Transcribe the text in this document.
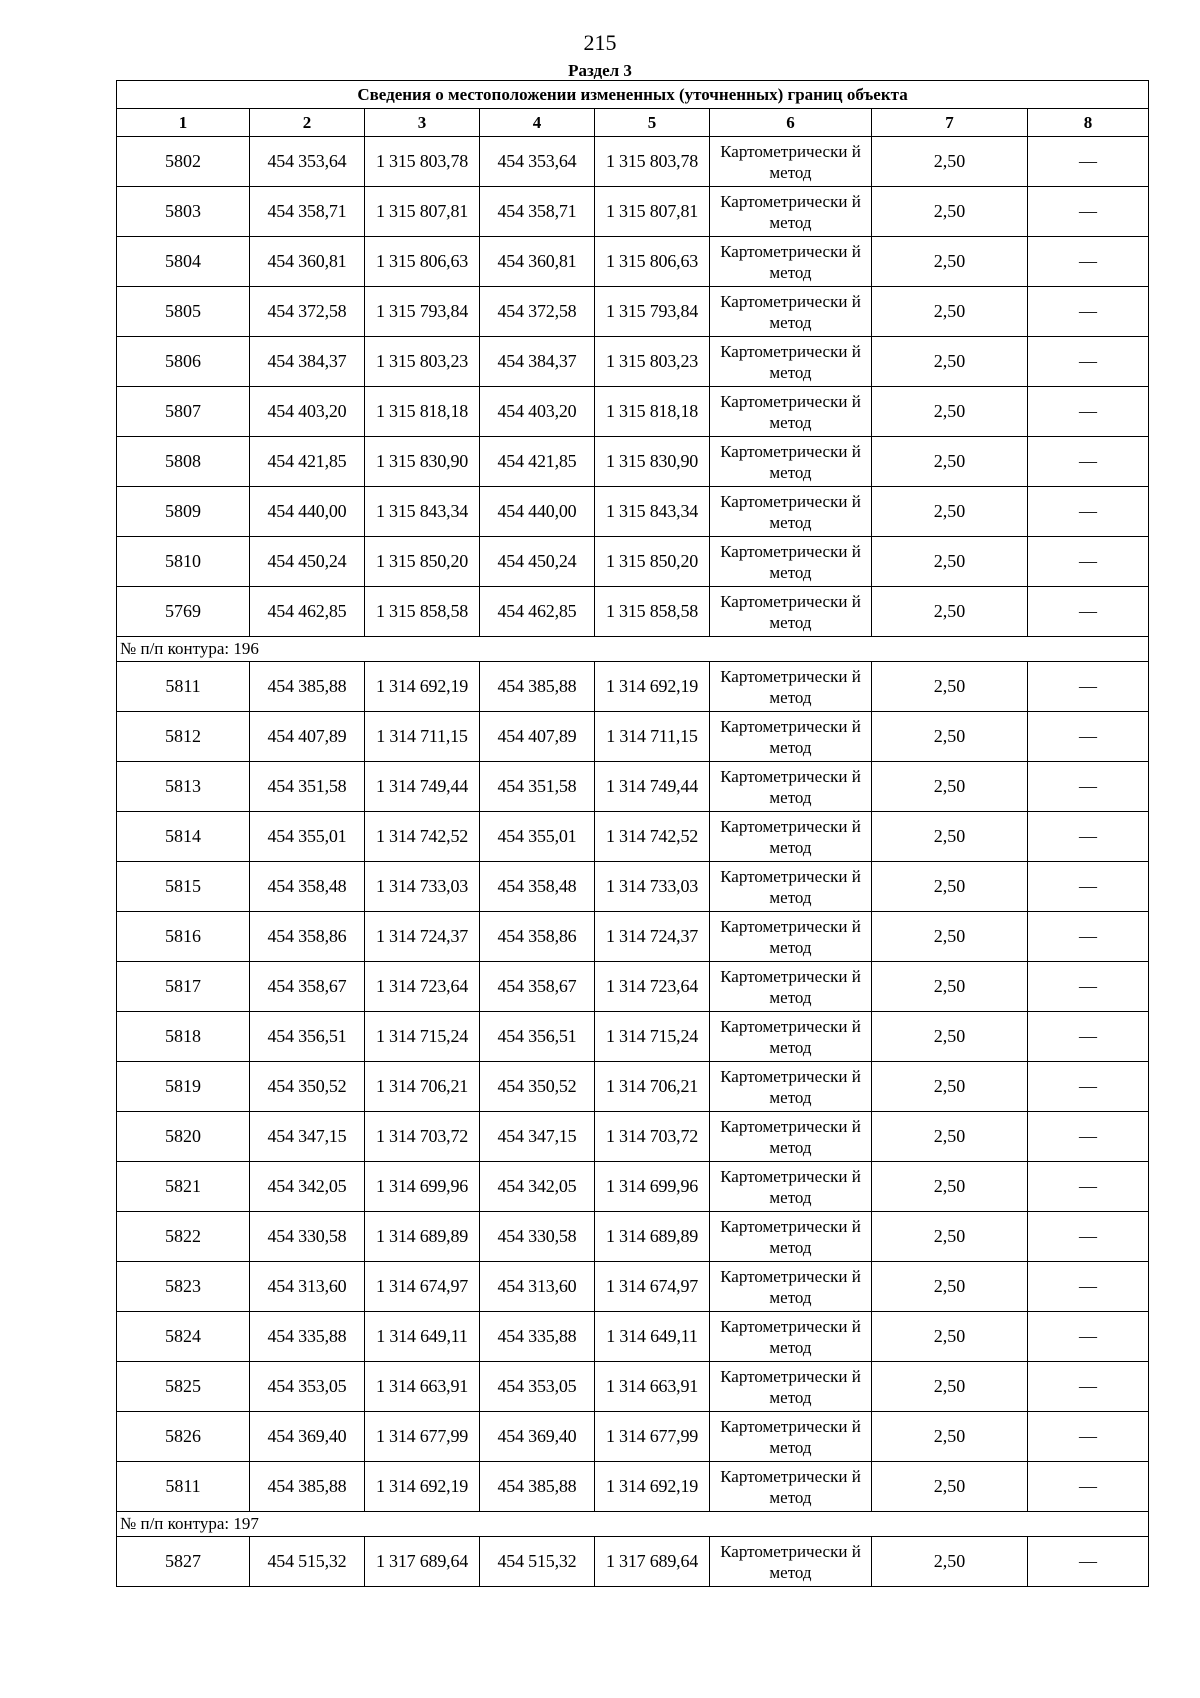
215
Раздел 3
Сведения о местоположении измененных (уточненных) границ объекта							
1	2	3	4	5	6	7	8
5802	454 353,64	1 315 803,78	454 353,64	1 315 803,78	Картометрически й метод	2,50	—
5803	454 358,71	1 315 807,81	454 358,71	1 315 807,81	Картометрически й метод	2,50	—
5804	454 360,81	1 315 806,63	454 360,81	1 315 806,63	Картометрически й метод	2,50	—
5805	454 372,58	1 315 793,84	454 372,58	1 315 793,84	Картометрически й метод	2,50	—
5806	454 384,37	1 315 803,23	454 384,37	1 315 803,23	Картометрически й метод	2,50	—
5807	454 403,20	1 315 818,18	454 403,20	1 315 818,18	Картометрически й метод	2,50	—
5808	454 421,85	1 315 830,90	454 421,85	1 315 830,90	Картометрически й метод	2,50	—
5809	454 440,00	1 315 843,34	454 440,00	1 315 843,34	Картометрически й метод	2,50	—
5810	454 450,24	1 315 850,20	454 450,24	1 315 850,20	Картометрически й метод	2,50	—
5769	454 462,85	1 315 858,58	454 462,85	1 315 858,58	Картометрически й метод	2,50	—
№ п/п контура: 196							
5811	454 385,88	1 314 692,19	454 385,88	1 314 692,19	Картометрически й метод	2,50	—
5812	454 407,89	1 314 711,15	454 407,89	1 314 711,15	Картометрически й метод	2,50	—
5813	454 351,58	1 314 749,44	454 351,58	1 314 749,44	Картометрически й метод	2,50	—
5814	454 355,01	1 314 742,52	454 355,01	1 314 742,52	Картометрически й метод	2,50	—
5815	454 358,48	1 314 733,03	454 358,48	1 314 733,03	Картометрически й метод	2,50	—
5816	454 358,86	1 314 724,37	454 358,86	1 314 724,37	Картометрически й метод	2,50	—
5817	454 358,67	1 314 723,64	454 358,67	1 314 723,64	Картометрически й метод	2,50	—
5818	454 356,51	1 314 715,24	454 356,51	1 314 715,24	Картометрически й метод	2,50	—
5819	454 350,52	1 314 706,21	454 350,52	1 314 706,21	Картометрически й метод	2,50	—
5820	454 347,15	1 314 703,72	454 347,15	1 314 703,72	Картометрически й метод	2,50	—
5821	454 342,05	1 314 699,96	454 342,05	1 314 699,96	Картометрически й метод	2,50	—
5822	454 330,58	1 314 689,89	454 330,58	1 314 689,89	Картометрически й метод	2,50	—
5823	454 313,60	1 314 674,97	454 313,60	1 314 674,97	Картометрически й метод	2,50	—
5824	454 335,88	1 314 649,11	454 335,88	1 314 649,11	Картометрически й метод	2,50	—
5825	454 353,05	1 314 663,91	454 353,05	1 314 663,91	Картометрически й метод	2,50	—
5826	454 369,40	1 314 677,99	454 369,40	1 314 677,99	Картометрически й метод	2,50	—
5811	454 385,88	1 314 692,19	454 385,88	1 314 692,19	Картометрически й метод	2,50	—
№ п/п контура: 197							
5827	454 515,32	1 317 689,64	454 515,32	1 317 689,64	Картометрически й метод	2,50	—
